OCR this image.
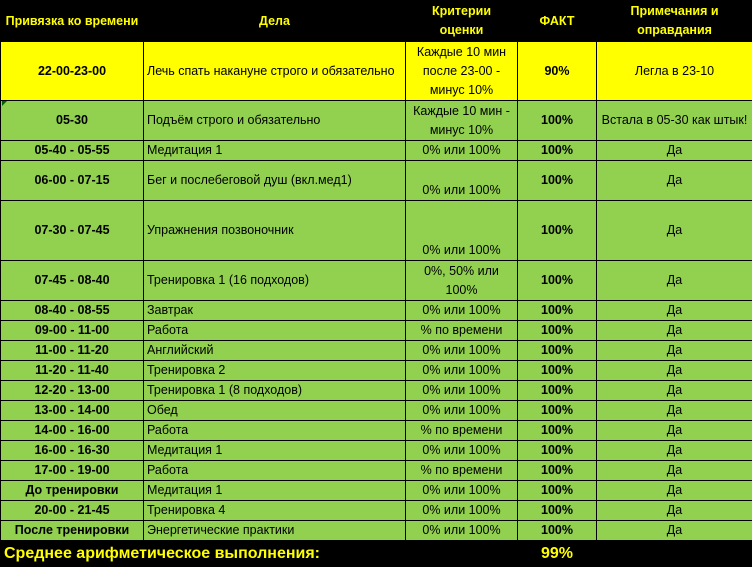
Привязка ко времени	Дела	Критерии оценки	ФАКТ	Примечания и оправдания
22-00-23-00	Лечь спать накануне строго и обязательно	Каждые 10 мин после 23-00 - минус 10%	90%	Легла в 23-10

05-30	Подъём строго и обязательно	Каждые 10 мин - минус 10%	100%	Встала в 05-30 как штык!
05-40 - 05-55	Медитация 1	0% или 100%	100%	Да
06-00 - 07-15	Бег и послебеговой душ (вкл.мед1)	0% или 100%	100%	Да
07-30 - 07-45	Упражнения позвоночник	0% или 100%	100%	Да
07-45 - 08-40	Тренировка 1 (16 подходов)	0%, 50% или 100%	100%	Да
08-40 - 08-55	Завтрак	0% или 100%	100%	Да
09-00 - 11-00	Работа	% по времени	100%	Да
11-00 - 11-20	Английский	0% или 100%	100%	Да
11-20 - 11-40	Тренировка 2	0% или 100%	100%	Да
12-20 - 13-00	Тренировка 1 (8 подходов)	0% или 100%	100%	Да
13-00 - 14-00	Обед	0% или 100%	100%	Да
14-00 - 16-00	Работа	% по времени	100%	Да
16-00 - 16-30	Медитация 1	0% или 100%	100%	Да
17-00 - 19-00	Работа	% по времени	100%	Да
До тренировки	Медитация 1	0% или 100%	100%	Да
20-00 - 21-45	Тренировка 4	0% или 100%	100%	Да
После тренировки	Энергетические практики	0% или 100%	100%	Да
Среднее арифметическое выполнения:			99%	
